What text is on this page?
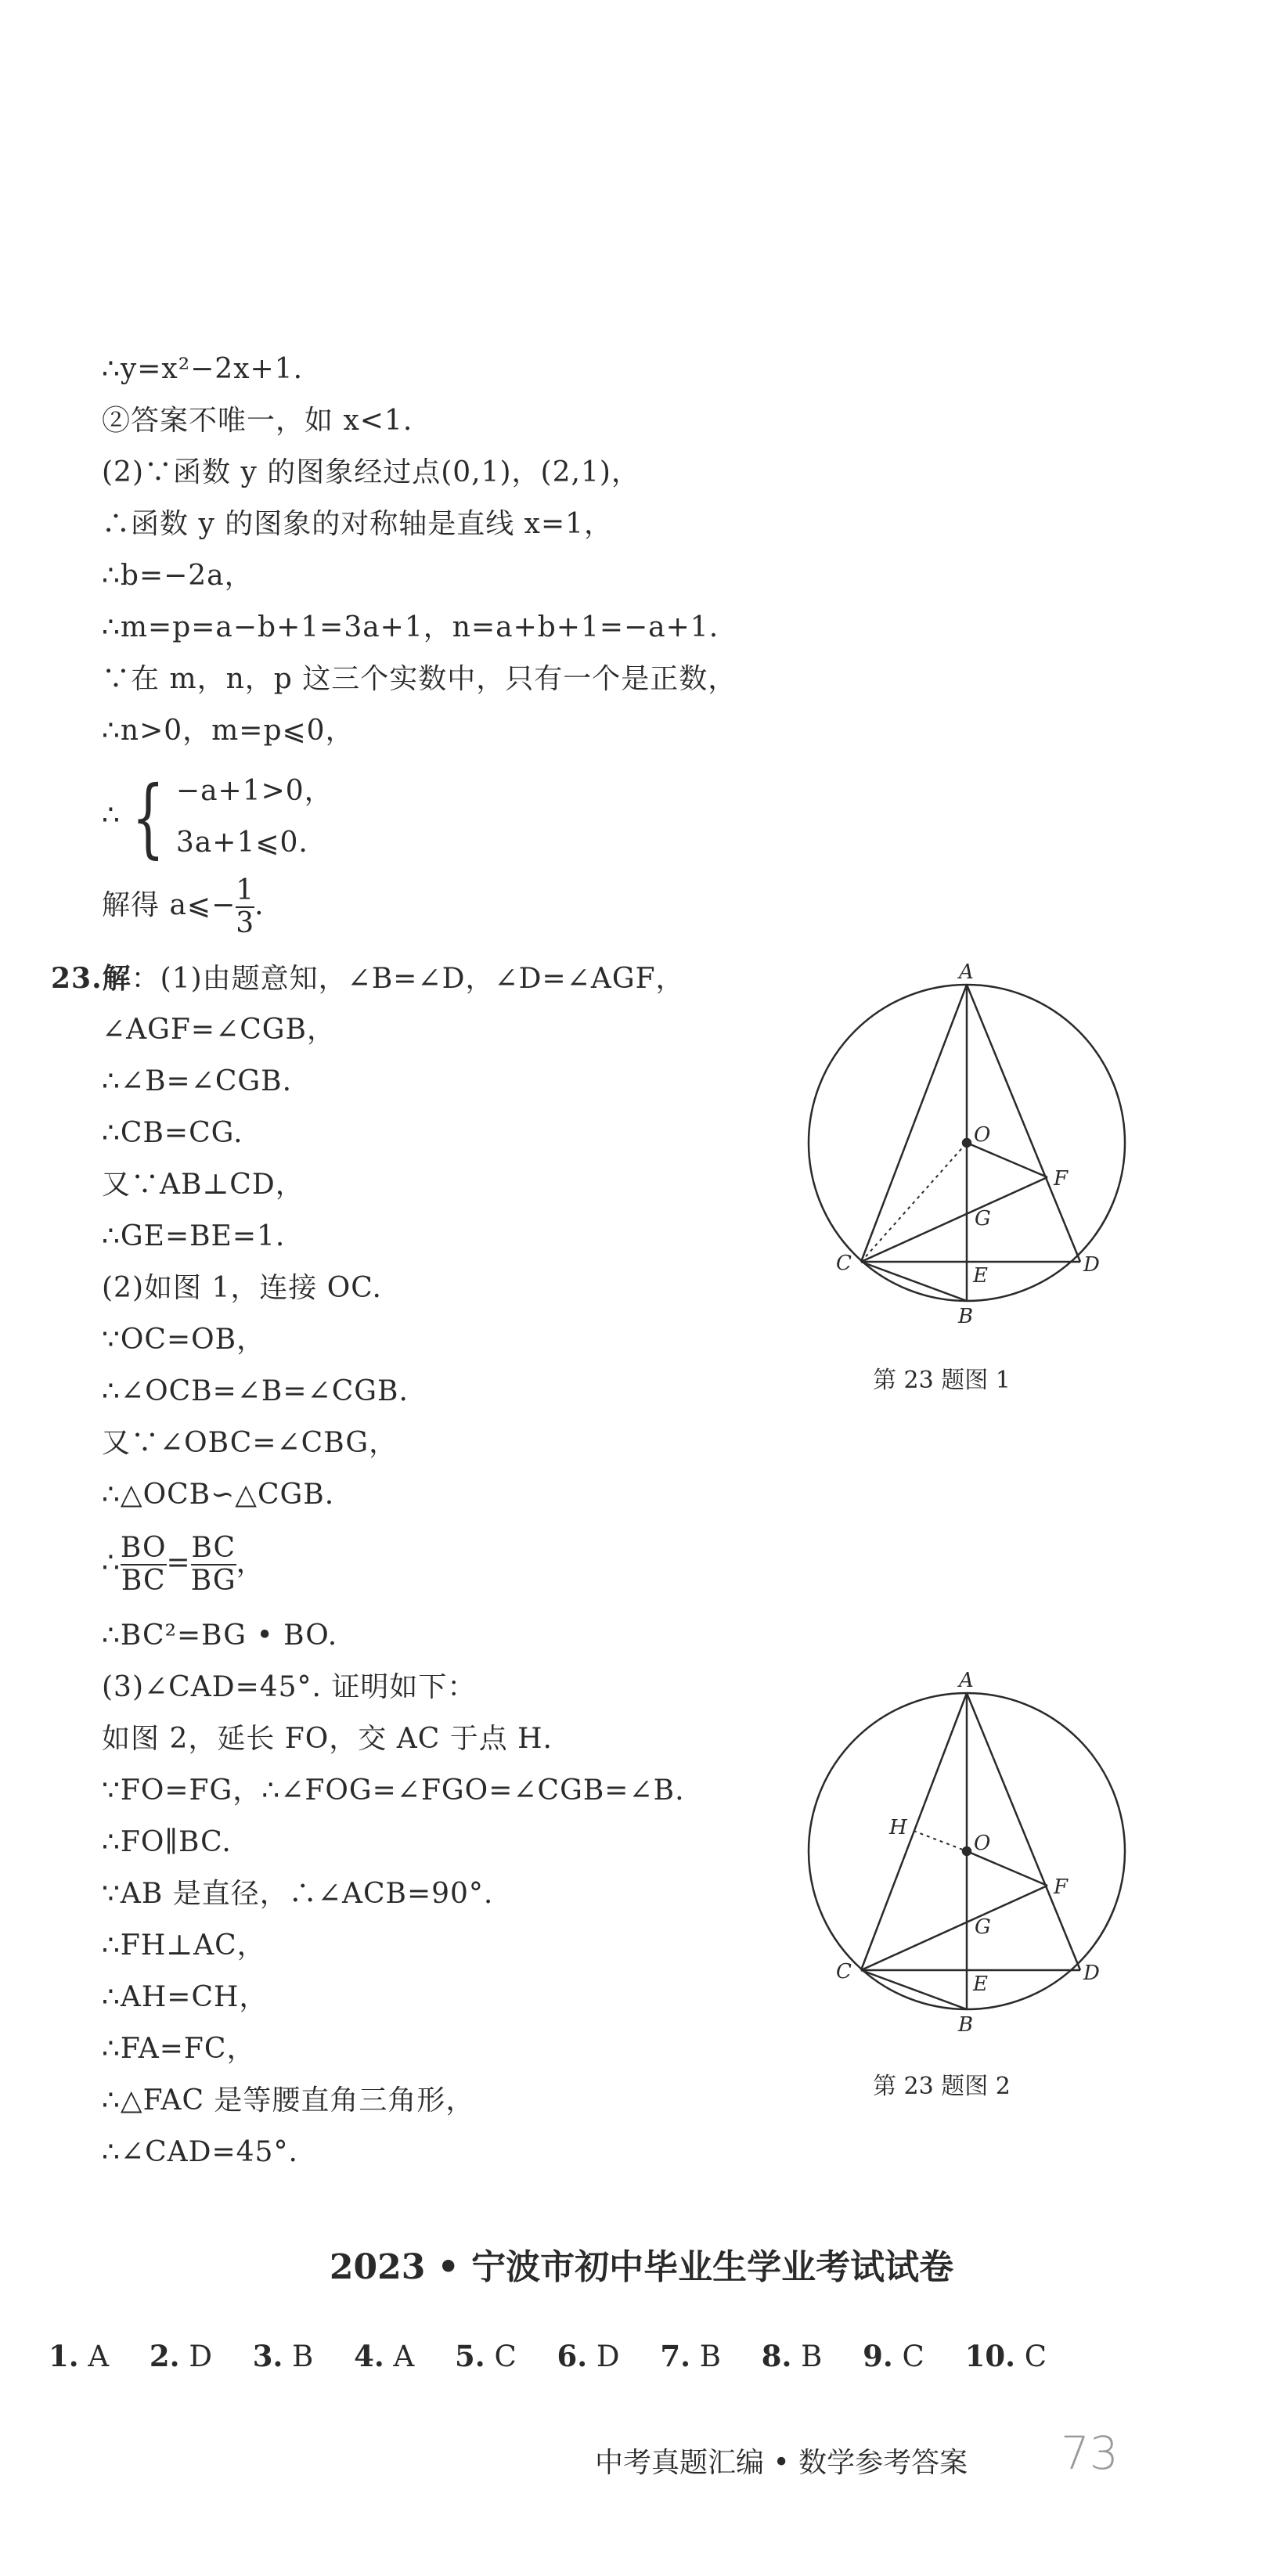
∴y=x²−2x+1.
②答案不唯一，如 x<1.
(2)∵函数 y 的图象经过点(0,1)，(2,1)，
∴函数 y 的图象的对称轴是直线 x=1，
∴b=−2a，
∴m=p=a−b+1=3a+1，n=a+b+1=−a+1.
∵在 m，n，p 这三个实数中，只有一个是正数，
∴n>0，m=p⩽0，
∴ { −a+1>0，
3a+1⩽0.
解得 a⩽− $\frac{1}{3}$ .
23.解：(1)由题意知，∠B=∠D，∠D=∠AGF，
∠AGF=∠CGB，
∴∠B=∠CGB.
∴CB=CG.
又∵AB⊥CD，
∴GE=BE=1.
(2)如图 1，连接 OC.
∵OC=OB，
∴∠OCB=∠B=∠CGB.
又∵∠OBC=∠CBG，
∴△OCB∽△CGB.
∴ $\frac{BO}{BC} = \frac{BC}{BG}$ ，
∴BC²=BG • BO.
(3)∠CAD=45°. 证明如下：
如图 2，延长 FO，交 AC 于点 H.
∵FO=FG，∴∠FOG=∠FGO=∠CGB=∠B.
∴FO∥BC.
∵AB 是直径，∴∠ACB=90°.
∴FH⊥AC，
∴AH=CH，
∴FA=FC，
∴△FAC 是等腰直角三角形，
∴∠CAD=45°.
A
O
F
G
C
E	D
B
第 23 题图 1
A
H
O
F
G
C
E	D
B
第 23 题图 2
2023 • 宁波市初中毕业生学业考试试卷
1. A 2. D 3. B 4. A 5. C 6. D 7. B 8. B 9. C 10. C
中考真题汇编 • 数学参考答案 73
